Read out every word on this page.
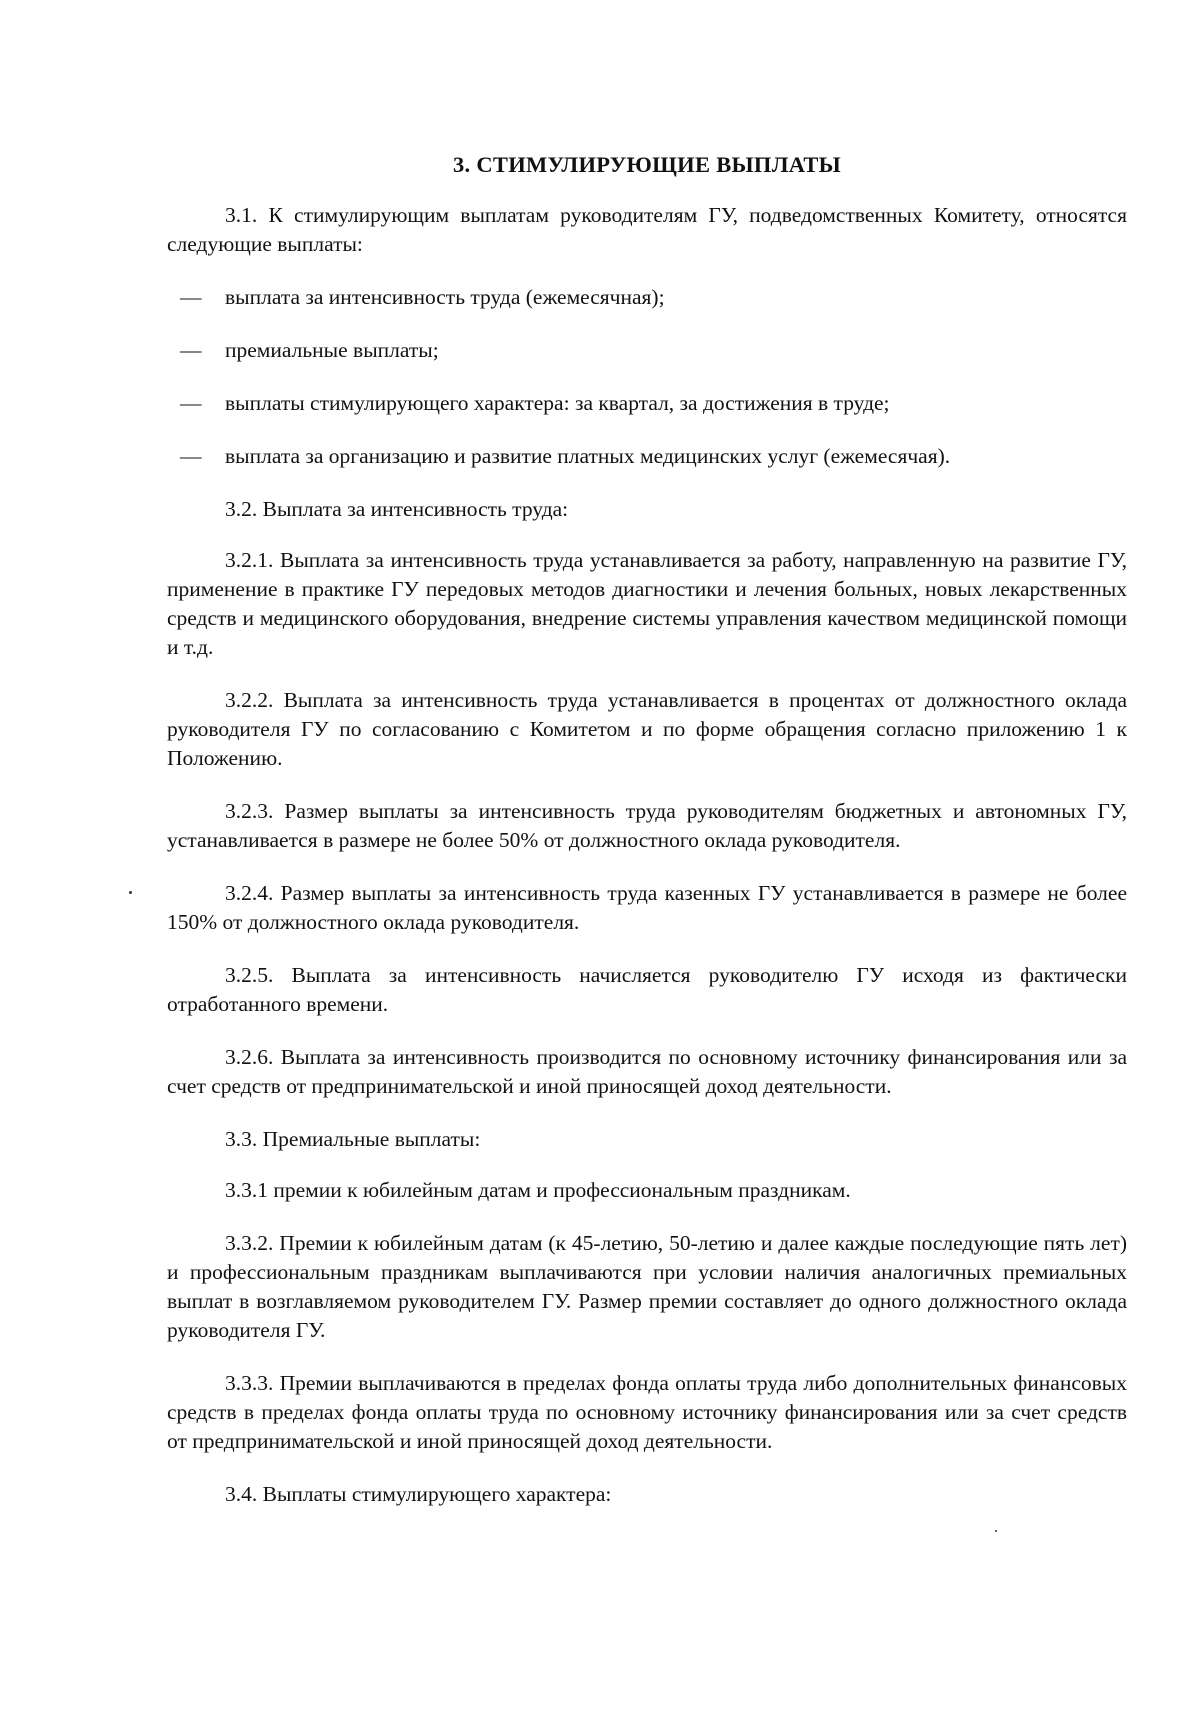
3. СТИМУЛИРУЮЩИЕ ВЫПЛАТЫ
3.1. К стимулирующим выплатам руководителям ГУ, подведомственных Комитету, относятся следующие выплаты:
— выплата за интенсивность труда (ежемесячная);
— премиальные выплаты;
— выплаты стимулирующего характера: за квартал, за достижения в труде;
— выплата за организацию и развитие платных медицинских услуг (ежемесячая).
3.2. Выплата за интенсивность труда:
3.2.1. Выплата за интенсивность труда устанавливается за работу, направленную на развитие ГУ, применение в практике ГУ передовых методов диагностики и лечения больных, новых лекарственных средств и медицинского оборудования, внедрение системы управления качеством медицинской помощи и т.д.
3.2.2. Выплата за интенсивность труда устанавливается в процентах от должностного оклада руководителя ГУ по согласованию с Комитетом и по форме обращения согласно приложению 1 к Положению.
3.2.3. Размер выплаты за интенсивность труда руководителям бюджетных и автономных ГУ, устанавливается в размере не более 50% от должностного оклада руководителя.
3.2.4. Размер выплаты за интенсивность труда казенных ГУ устанавливается в размере не более 150% от должностного оклада руководителя.
3.2.5. Выплата за интенсивность начисляется руководителю ГУ исходя из фактически отработанного времени.
3.2.6. Выплата за интенсивность производится по основному источнику финансирования или за счет средств от предпринимательской и иной приносящей доход деятельности.
3.3. Премиальные выплаты:
3.3.1 премии к юбилейным датам и профессиональным праздникам.
3.3.2. Премии к юбилейным датам (к 45-летию, 50-летию и далее каждые последующие пять лет) и профессиональным праздникам выплачиваются при условии наличия аналогичных премиальных выплат в возглавляемом руководителем ГУ. Размер премии составляет до одного должностного оклада руководителя ГУ.
3.3.3. Премии выплачиваются в пределах фонда оплаты труда либо дополнительных финансовых средств в пределах фонда оплаты труда по основному источнику финансирования или за счет средств от предпринимательской и иной приносящей доход деятельности.
3.4. Выплаты стимулирующего характера:
